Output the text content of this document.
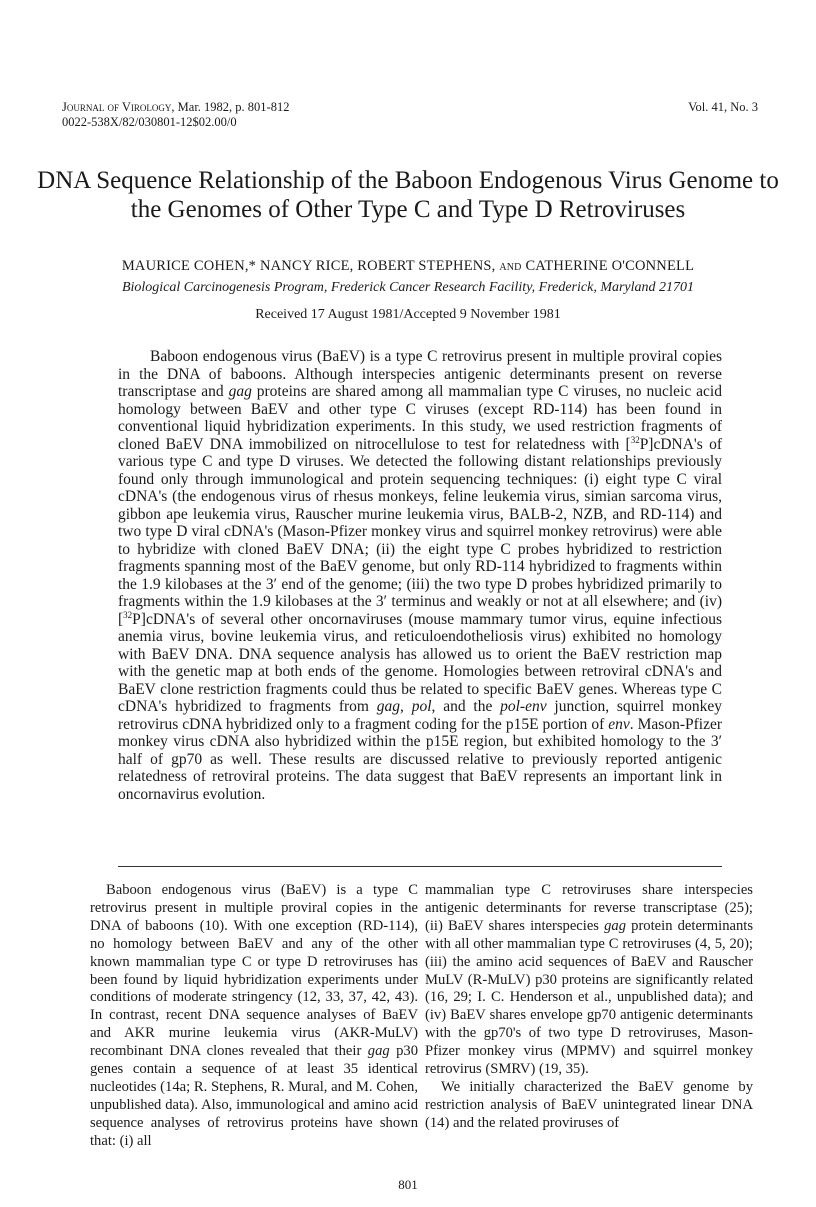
Journal of Virology, Mar. 1982, p. 801-812
0022-538X/82/030801-12$02.00/0
Vol. 41, No. 3
DNA Sequence Relationship of the Baboon Endogenous Virus Genome to the Genomes of Other Type C and Type D Retroviruses
MAURICE COHEN,* NANCY RICE, ROBERT STEPHENS, and CATHERINE O'CONNELL
Biological Carcinogenesis Program, Frederick Cancer Research Facility, Frederick, Maryland 21701
Received 17 August 1981/Accepted 9 November 1981

Baboon endogenous virus (BaEV) is a type C retrovirus present in multiple proviral copies in the DNA of baboons. Although interspecies antigenic determinants present on reverse transcriptase and gag proteins are shared among all mammalian type C viruses, no nucleic acid homology between BaEV and other type C viruses (except RD-114) has been found in conventional liquid hybridization experiments. In this study, we used restriction fragments of cloned BaEV DNA immobilized on nitrocellulose to test for relatedness with [$^{32}$P]cDNA's of various type C and type D viruses. We detected the following distant relationships previously found only through immunological and protein sequencing techniques: (i) eight type C viral cDNA's (the endogenous virus of rhesus monkeys, feline leukemia virus, simian sarcoma virus, gibbon ape leukemia virus, Rauscher murine leukemia virus, BALB-2, NZB, and RD-114) and two type D viral cDNA's (Mason-Pfizer monkey virus and squirrel monkey retrovirus) were able to hybridize with cloned BaEV DNA; (ii) the eight type C probes hybridized to restriction fragments spanning most of the BaEV genome, but only RD-114 hybridized to fragments within the 1.9 kilobases at the 3′ end of the genome; (iii) the two type D probes hybridized primarily to fragments within the 1.9 kilobases at the 3′ terminus and weakly or not at all elsewhere; and (iv) [$^{32}$P]cDNA's of several other oncornaviruses (mouse mammary tumor virus, equine infectious anemia virus, bovine leukemia virus, and reticuloendotheliosis virus) exhibited no homology with BaEV DNA. DNA sequence analysis has allowed us to orient the BaEV restriction map with the genetic map at both ends of the genome. Homologies between retroviral cDNA's and BaEV clone restriction fragments could thus be related to specific BaEV genes. Whereas type C cDNA's hybridized to fragments from gag, pol, and the pol-env junction, squirrel monkey retrovirus cDNA hybridized only to a fragment coding for the p15E portion of env. Mason-Pfizer monkey virus cDNA also hybridized within the p15E region, but exhibited homology to the 3′ half of gp70 as well. These results are discussed relative to previously reported antigenic relatedness of retroviral proteins. The data suggest that BaEV represents an important link in oncornavirus evolution.

Baboon endogenous virus (BaEV) is a type C retrovirus present in multiple proviral copies in the DNA of baboons (10). With one exception (RD-114), no homology between BaEV and any of the other known mammalian type C or type D retroviruses has been found by liquid hybridization experiments under conditions of moderate stringency (12, 33, 37, 42, 43). In contrast, recent DNA sequence analyses of BaEV and AKR murine leukemia virus (AKR-MuLV) recombinant DNA clones revealed that their gag p30 genes contain a sequence of at least 35 identical nucleotides (14a; R. Stephens, R. Mural, and M. Cohen, unpublished data). Also, immunological and amino acid sequence analyses of retrovirus proteins have shown that: (i) all

mammalian type C retroviruses share interspecies antigenic determinants for reverse transcriptase (25); (ii) BaEV shares interspecies gag protein determinants with all other mammalian type C retroviruses (4, 5, 20); (iii) the amino acid sequences of BaEV and Rauscher MuLV (R-MuLV) p30 proteins are significantly related (16, 29; I. C. Henderson et al., unpublished data); and (iv) BaEV shares envelope gp70 antigenic determinants with the gp70's of two type D retroviruses, Mason-Pfizer monkey virus (MPMV) and squirrel monkey retrovirus (SMRV) (19, 35).

We initially characterized the BaEV genome by restriction analysis of BaEV unintegrated linear DNA (14) and the related proviruses of

801
